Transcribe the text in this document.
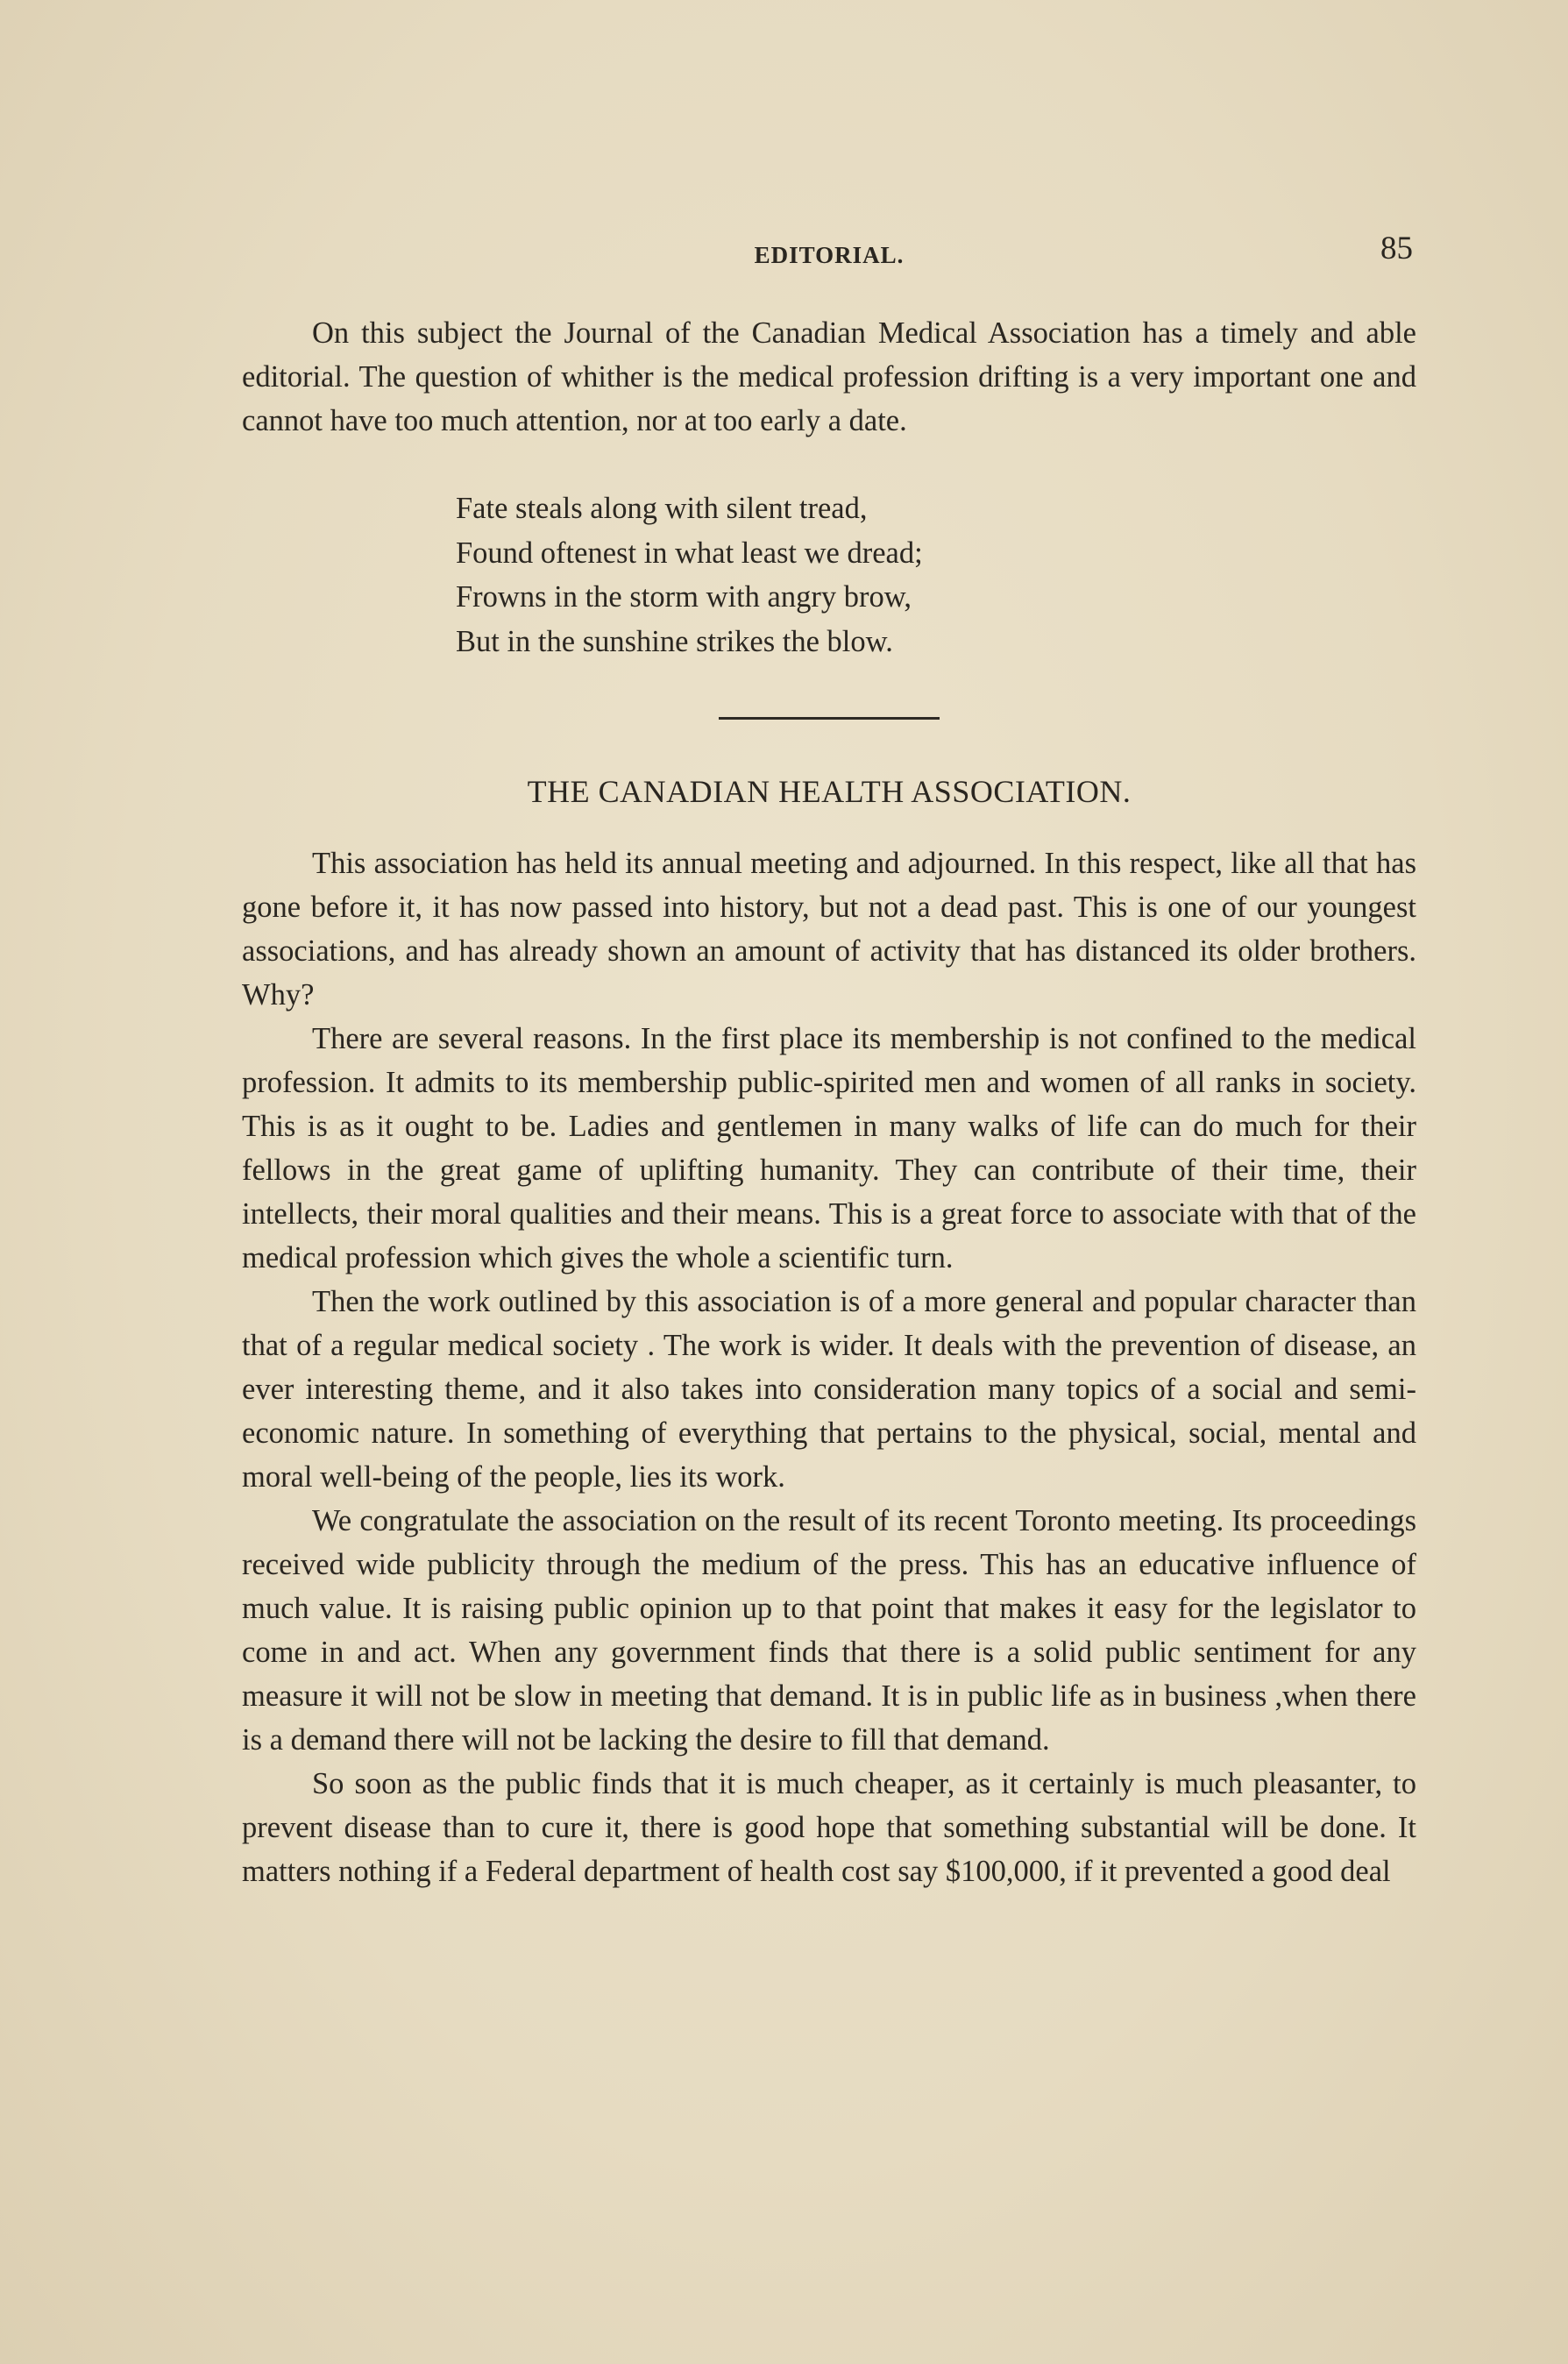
EDITORIAL.	85

On this subject the Journal of the Canadian Medical Association has a timely and able editorial. The question of whither is the medical profession drifting is a very important one and cannot have too much attention, nor at too early a date.

Fate steals along with silent tread,
Found oftenest in what least we dread;
Frowns in the storm with angry brow,
But in the sunshine strikes the blow.
THE CANADIAN HEALTH ASSOCIATION.

This association has held its annual meeting and adjourned. In this respect, like all that has gone before it, it has now passed into history, but not a dead past. This is one of our youngest associations, and has already shown an amount of activity that has distanced its older brothers. Why?

There are several reasons. In the first place its membership is not confined to the medical profession. It admits to its membership public-spirited men and women of all ranks in society. This is as it ought to be. Ladies and gentlemen in many walks of life can do much for their fellows in the great game of uplifting humanity. They can contribute of their time, their intellects, their moral qualities and their means. This is a great force to associate with that of the medical profession which gives the whole a scientific turn.

Then the work outlined by this association is of a more general and popular character than that of a regular medical society . The work is wider. It deals with the prevention of disease, an ever interesting theme, and it also takes into consideration many topics of a social and semi-economic nature. In something of everything that pertains to the physical, social, mental and moral well-being of the people, lies its work.

We congratulate the association on the result of its recent Toronto meeting. Its proceedings received wide publicity through the medium of the press. This has an educative influence of much value. It is raising public opinion up to that point that makes it easy for the legislator to come in and act. When any government finds that there is a solid public sentiment for any measure it will not be slow in meeting that demand. It is in public life as in business ,when there is a demand there will not be lacking the desire to fill that demand.

So soon as the public finds that it is much cheaper, as it certainly is much pleasanter, to prevent disease than to cure it, there is good hope that something substantial will be done. It matters nothing if a Federal department of health cost say $100,000, if it prevented a good deal
